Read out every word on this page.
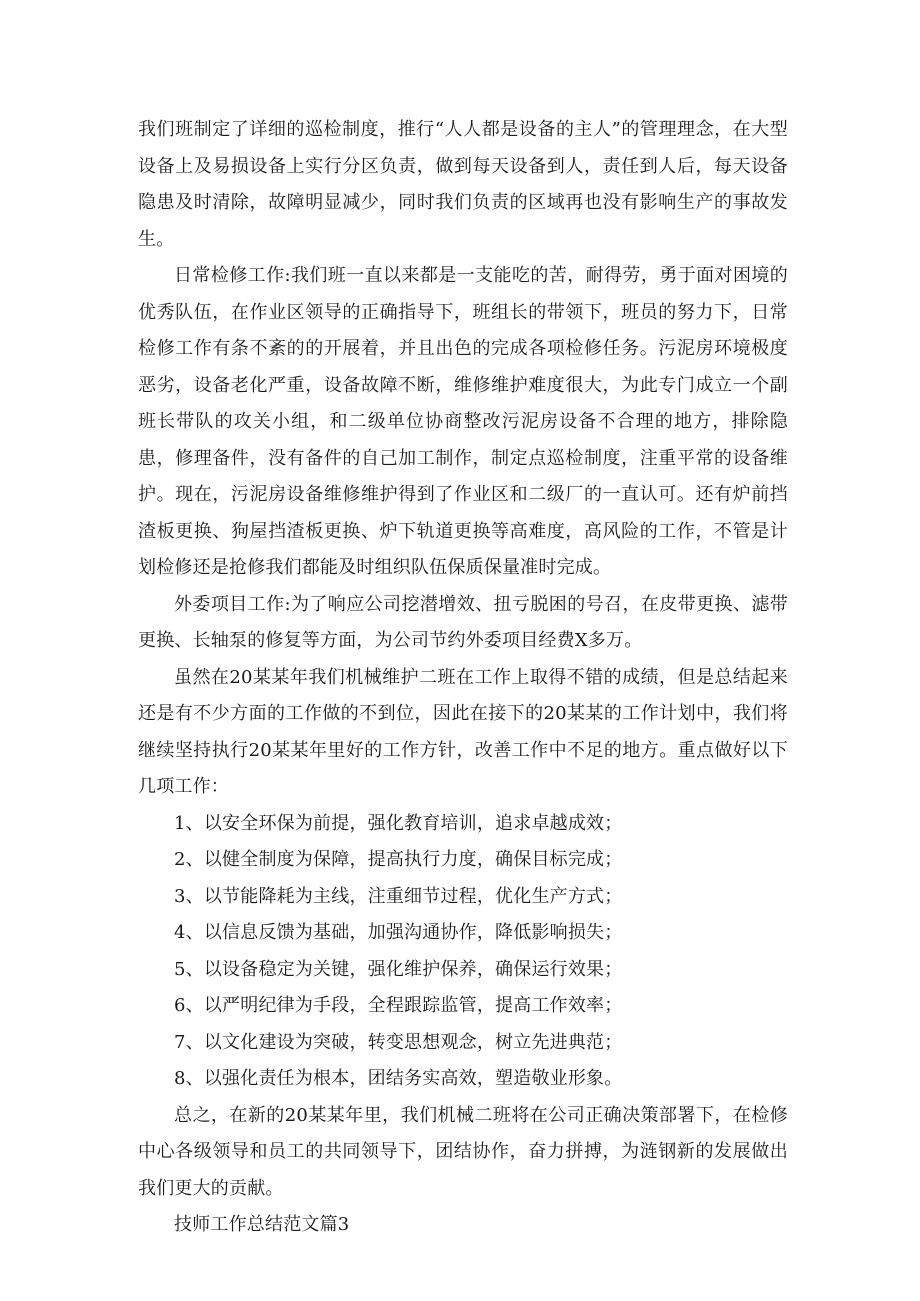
我们班制定了详细的巡检制度，推行“人人都是设备的主人”的管理理念，在大型设备上及易损设备上实行分区负责，做到每天设备到人，责任到人后，每天设备隐患及时清除，故障明显减少，同时我们负责的区域再也没有影响生产的事故发生。

日常检修工作:我们班一直以来都是一支能吃的苦，耐得劳，勇于面对困境的优秀队伍，在作业区领导的正确指导下，班组长的带领下，班员的努力下，日常检修工作有条不紊的的开展着，并且出色的完成各项检修任务。污泥房环境极度恶劣，设备老化严重，设备故障不断，维修维护难度很大，为此专门成立一个副班长带队的攻关小组，和二级单位协商整改污泥房设备不合理的地方，排除隐患，修理备件，没有备件的自己加工制作，制定点巡检制度，注重平常的设备维护。现在，污泥房设备维修维护得到了作业区和二级厂的一直认可。还有炉前挡渣板更换、狗屋挡渣板更换、炉下轨道更换等高难度，高风险的工作，不管是计划检修还是抢修我们都能及时组织队伍保质保量准时完成。

外委项目工作:为了响应公司挖潜增效、扭亏脱困的号召，在皮带更换、滤带更换、长轴泵的修复等方面，为公司节约外委项目经费X多万。

虽然在20某某年我们机械维护二班在工作上取得不错的成绩，但是总结起来还是有不少方面的工作做的不到位，因此在接下的20某某的工作计划中，我们将继续坚持执行20某某年里好的工作方针，改善工作中不足的地方。重点做好以下几项工作：

1、以安全环保为前提，强化教育培训，追求卓越成效；

2、以健全制度为保障，提高执行力度，确保目标完成；

3、以节能降耗为主线，注重细节过程，优化生产方式；

4、以信息反馈为基础，加强沟通协作，降低影响损失；

5、以设备稳定为关键，强化维护保养，确保运行效果；

6、以严明纪律为手段，全程跟踪监管，提高工作效率；

7、以文化建设为突破，转变思想观念，树立先进典范；

8、以强化责任为根本，团结务实高效，塑造敬业形象。

总之，在新的20某某年里，我们机械二班将在公司正确决策部署下，在检修中心各级领导和员工的共同领导下，团结协作，奋力拼搏，为涟钢新的发展做出我们更大的贡献。

技师工作总结范文篇3
